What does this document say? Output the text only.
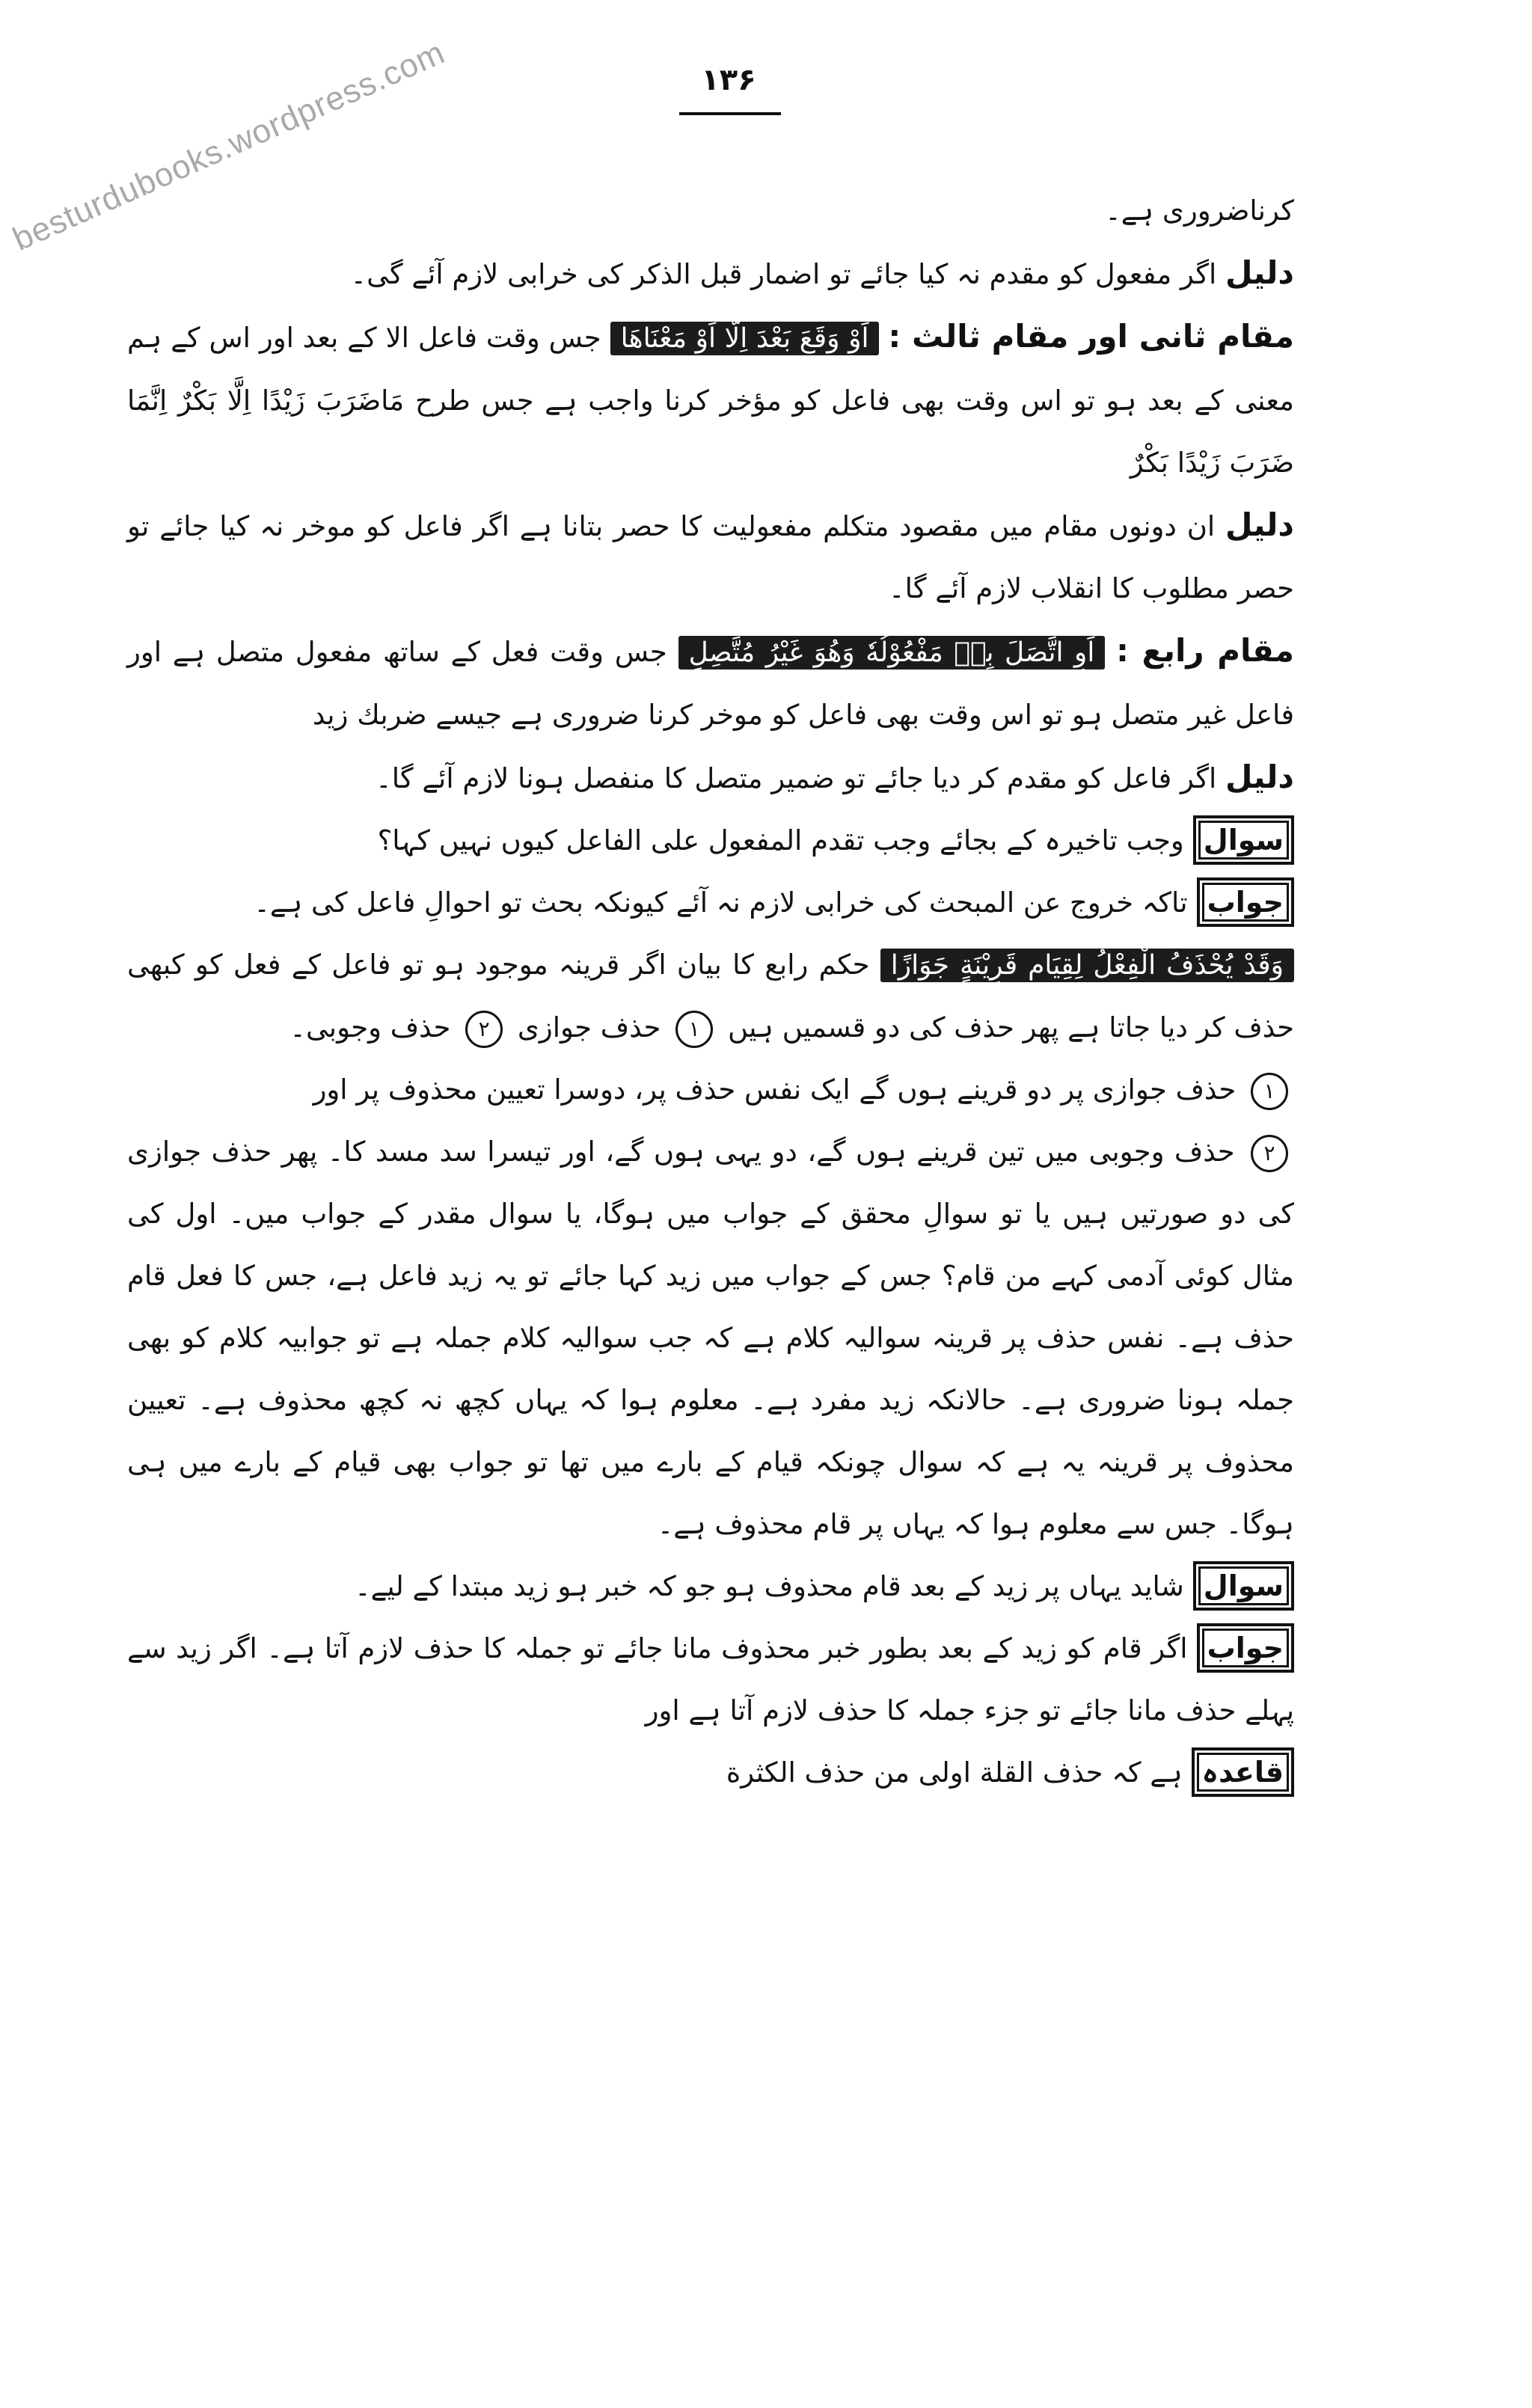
besturdubooks.wordpress.com	۱۳۶

کرناضروری ہے۔

دلیل اگر مفعول کو مقدم نہ کیا جائے تو اضمار قبل الذکر کی خرابی لازم آئے گی۔

مقام ثانی اور مقام ثالث : اَوْ وَقَعَ بَعْدَ اِلَّا اَوْ مَعْنَاهَا جس وقت فاعل الا کے بعد اور اس کے ہم معنی کے بعد ہو تو اس وقت بھی فاعل کو مؤخر کرنا واجب ہے جس طرح مَاضَرَبَ زَيْدًا اِلَّا بَكْرٌ اِنَّمَا ضَرَبَ زَيْدًا بَكْرٌ

دلیل ان دونوں مقام میں مقصود متکلم مفعولیت کا حصر بتانا ہے اگر فاعل کو موخر نہ کیا جائے تو حصر مطلوب کا انقلاب لازم آئے گا۔

مقام رابع : اَوِ اتَّصَلَ بِهٖ مَفْعُوْلُهٗ وَهُوَ غَيْرُ مُتَّصِلٍ جس وقت فعل کے ساتھ مفعول متصل ہے اور فاعل غیر متصل ہو تو اس وقت بھی فاعل کو موخر کرنا ضروری ہے جیسے ضربك زيد

دلیل اگر فاعل کو مقدم کر دیا جائے تو ضمیر متصل کا منفصل ہونا لازم آئے گا۔

سوالوجب تاخیرہ کے بجائے وجب تقدم المفعول علی الفاعل کیوں نہیں کہا؟

جوابتاکہ خروج عن المبحث کی خرابی لازم نہ آئے کیونکہ بحث تو احوالِ فاعل کی ہے۔

وَقَدْ يُحْذَفُ الْفِعْلُ لِقِيَامِ قَرِيْنَةٍ جَوَازًا حکم رابع کا بیان اگر قرینہ موجود ہو تو فاعل کے فعل کو کبھی حذف کر دیا جاتا ہے پھر حذف کی دو قسمیں ہیں ۱ حذف جوازی ۲ حذف وجوبی۔

۱ حذف جوازی پر دو قرینے ہوں گے ایک نفس حذف پر، دوسرا تعیین محذوف پر اور

۲ حذف وجوبی میں تین قرینے ہوں گے، دو یہی ہوں گے، اور تیسرا سد مسد کا۔ پھر حذف جوازی کی دو صورتیں ہیں یا تو سوالِ محقق کے جواب میں ہوگا، یا سوال مقدر کے جواب میں۔ اول کی مثال کوئی آدمی کہے من قام؟ جس کے جواب میں زید کہا جائے تو یہ زید فاعل ہے، جس کا فعل قام حذف ہے۔ نفس حذف پر قرینہ سوالیہ کلام ہے کہ جب سوالیہ کلام جملہ ہے تو جوابیہ کلام کو بھی جملہ ہونا ضروری ہے۔ حالانکہ زید مفرد ہے۔ معلوم ہوا کہ یہاں کچھ نہ کچھ محذوف ہے۔ تعیین محذوف پر قرینہ یہ ہے کہ سوال چونکہ قیام کے بارے میں تھا تو جواب بھی قیام کے بارے میں ہی ہوگا۔ جس سے معلوم ہوا کہ یہاں پر قام محذوف ہے۔

سوالشاید یہاں پر زید کے بعد قام محذوف ہو جو کہ خبر ہو زید مبتدا کے لیے۔

جواباگر قام کو زید کے بعد بطور خبر محذوف مانا جائے تو جملہ کا حذف لازم آتا ہے۔ اگر زید سے پہلے حذف مانا جائے تو جزء جملہ کا حذف لازم آتا ہے اور

قاعدہہے کہ حذف القلة اولى من حذف الكثرة
